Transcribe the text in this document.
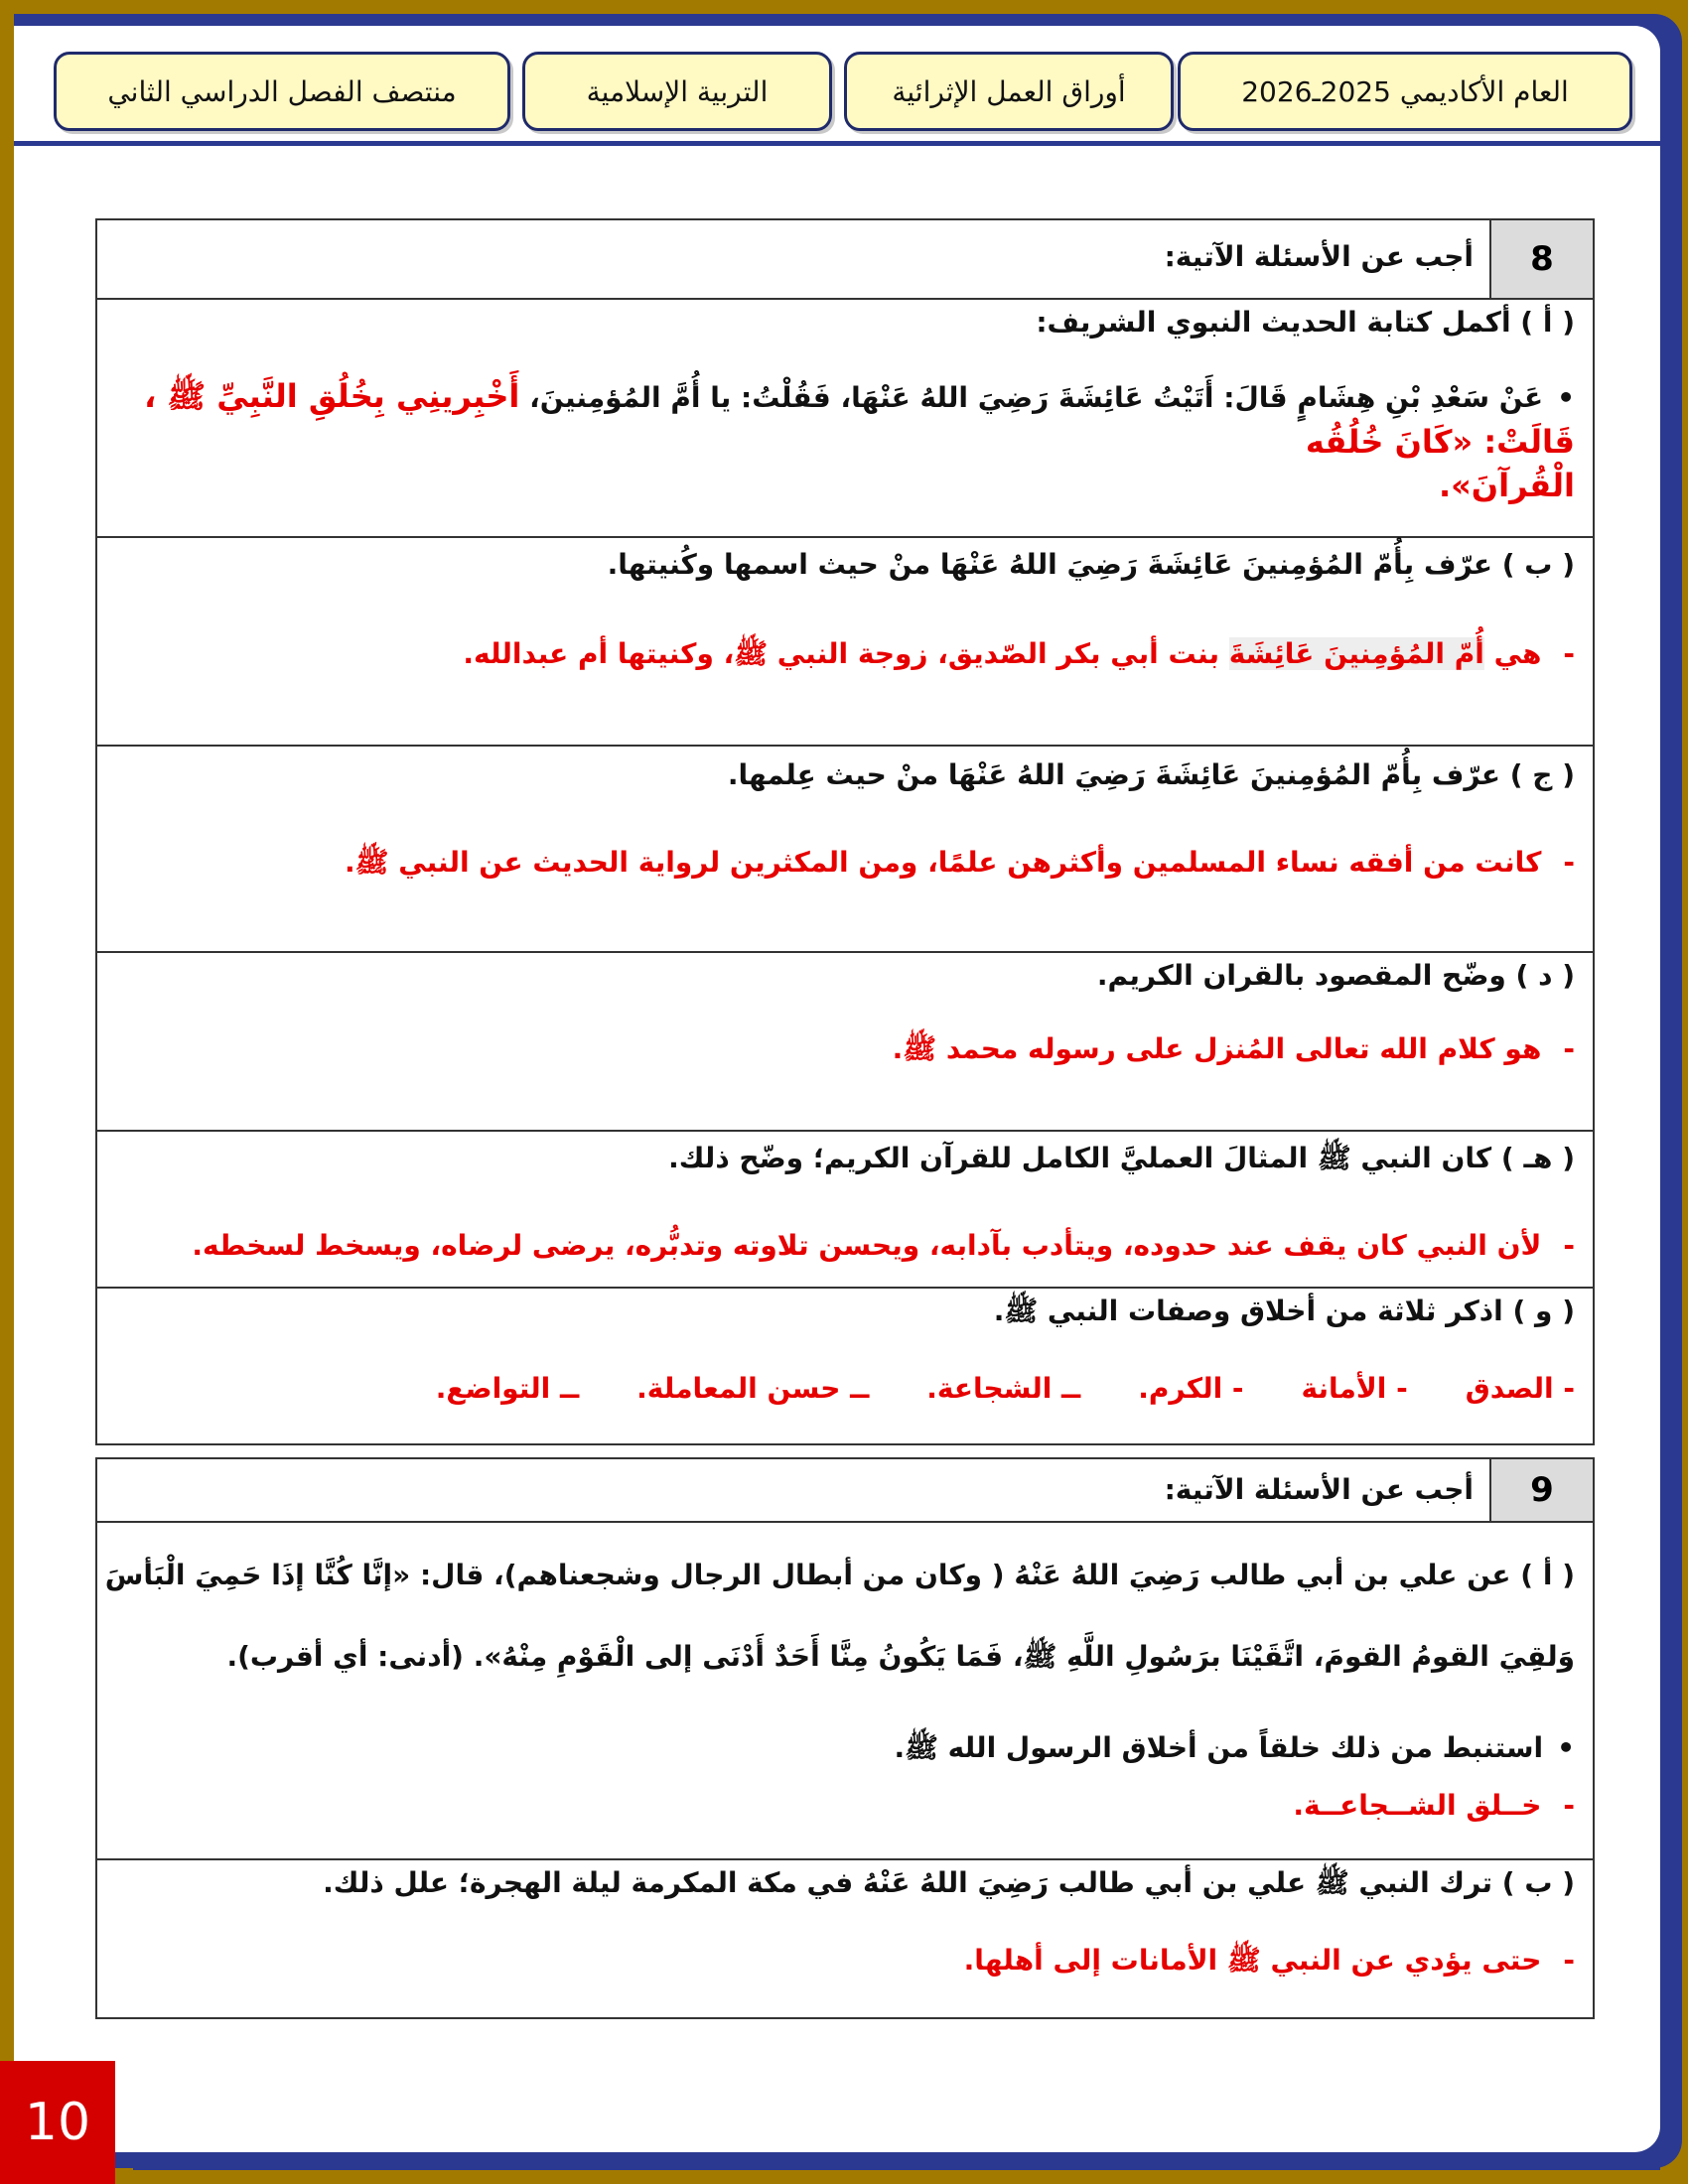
العام الأكاديمي 2025ـ2026
أوراق العمل الإثرائية
التربية الإسلامية
منتصف الفصل الدراسي الثاني
8
أجب عن الأسئلة الآتية:
( أ ) أكمل كتابة الحديث النبوي الشريف:
• عَنْ سَعْدِ بْنِ هِشَامٍ قَالَ: أَتَيْتُ عَائِشَةَ رَضِيَ اللهُ عَنْهَا، فَقُلْتُ: يا أُمَّ المُؤمِنينَ، أَخْبِرينِي بِخُلُقِ النَّبِيِّ ﷺ ، قَالَتْ: «كَانَ خُلُقُه
الْقُرآنَ».
( ب ) عرّف بِأُمّ المُؤمِنينَ عَائِشَةَ رَضِيَ اللهُ عَنْهَا منْ حيث اسمها وكُنيتها.
-هي أُمّ المُؤمِنينَ عَائِشَةَ بنت أبي بكر الصّديق، زوجة النبي ﷺ، وكنيتها أم عبدالله.
( ج ) عرّف بِأُمّ المُؤمِنينَ عَائِشَةَ رَضِيَ اللهُ عَنْهَا منْ حيث عِلمها.
-كانت من أفقه نساء المسلمين وأكثرهن علمًا، ومن المكثرين لرواية الحديث عن النبي ﷺ.
( د ) وضّح المقصود بالقران الكريم.
-هو كلام الله تعالى المُنزل على رسوله محمد ﷺ.
( هـ ) كان النبي ﷺ المثالَ العمليَّ الكامل للقرآن الكريم؛ وضّح ذلك.
-لأن النبي كان يقف عند حدوده، ويتأدب بآدابه، ويحسن تلاوته وتدبُّره، يرضى لرضاه، ويسخط لسخطه.
( و ) اذكر ثلاثة من أخلاق وصفات النبي ﷺ.
- الصدق
- الأمانة
- الكرم.
ــ الشجاعة.
ــ حسن المعاملة.
ــ التواضع.
9
أجب عن الأسئلة الآتية:
( أ ) عن علي بن أبي طالب رَضِيَ اللهُ عَنْهُ ( وكان من أبطال الرجال وشجعناهم)، قال: «إنَّا كُنَّا إذَا حَمِيَ الْبَأسَ
وَلقِيَ القومُ القومَ، اتَّقَيْنَا برَسُولِ اللَّهِ ﷺ، فَمَا يَكُونُ مِنَّا أَحَدٌ أَدْنَى إلى الْقَوْمِ مِنْهُ». (أدنى: أي أقرب).
• استنبط من ذلك خلقاً من أخلاق الرسول الله ﷺ.
-خــلق الشــجاعــة.
( ب ) ترك النبي ﷺ علي بن أبي طالب رَضِيَ اللهُ عَنْهُ في مكة المكرمة ليلة الهجرة؛ علل ذلك.
-حتى يؤدي عن النبي ﷺ الأمانات إلى أهلها.
10
